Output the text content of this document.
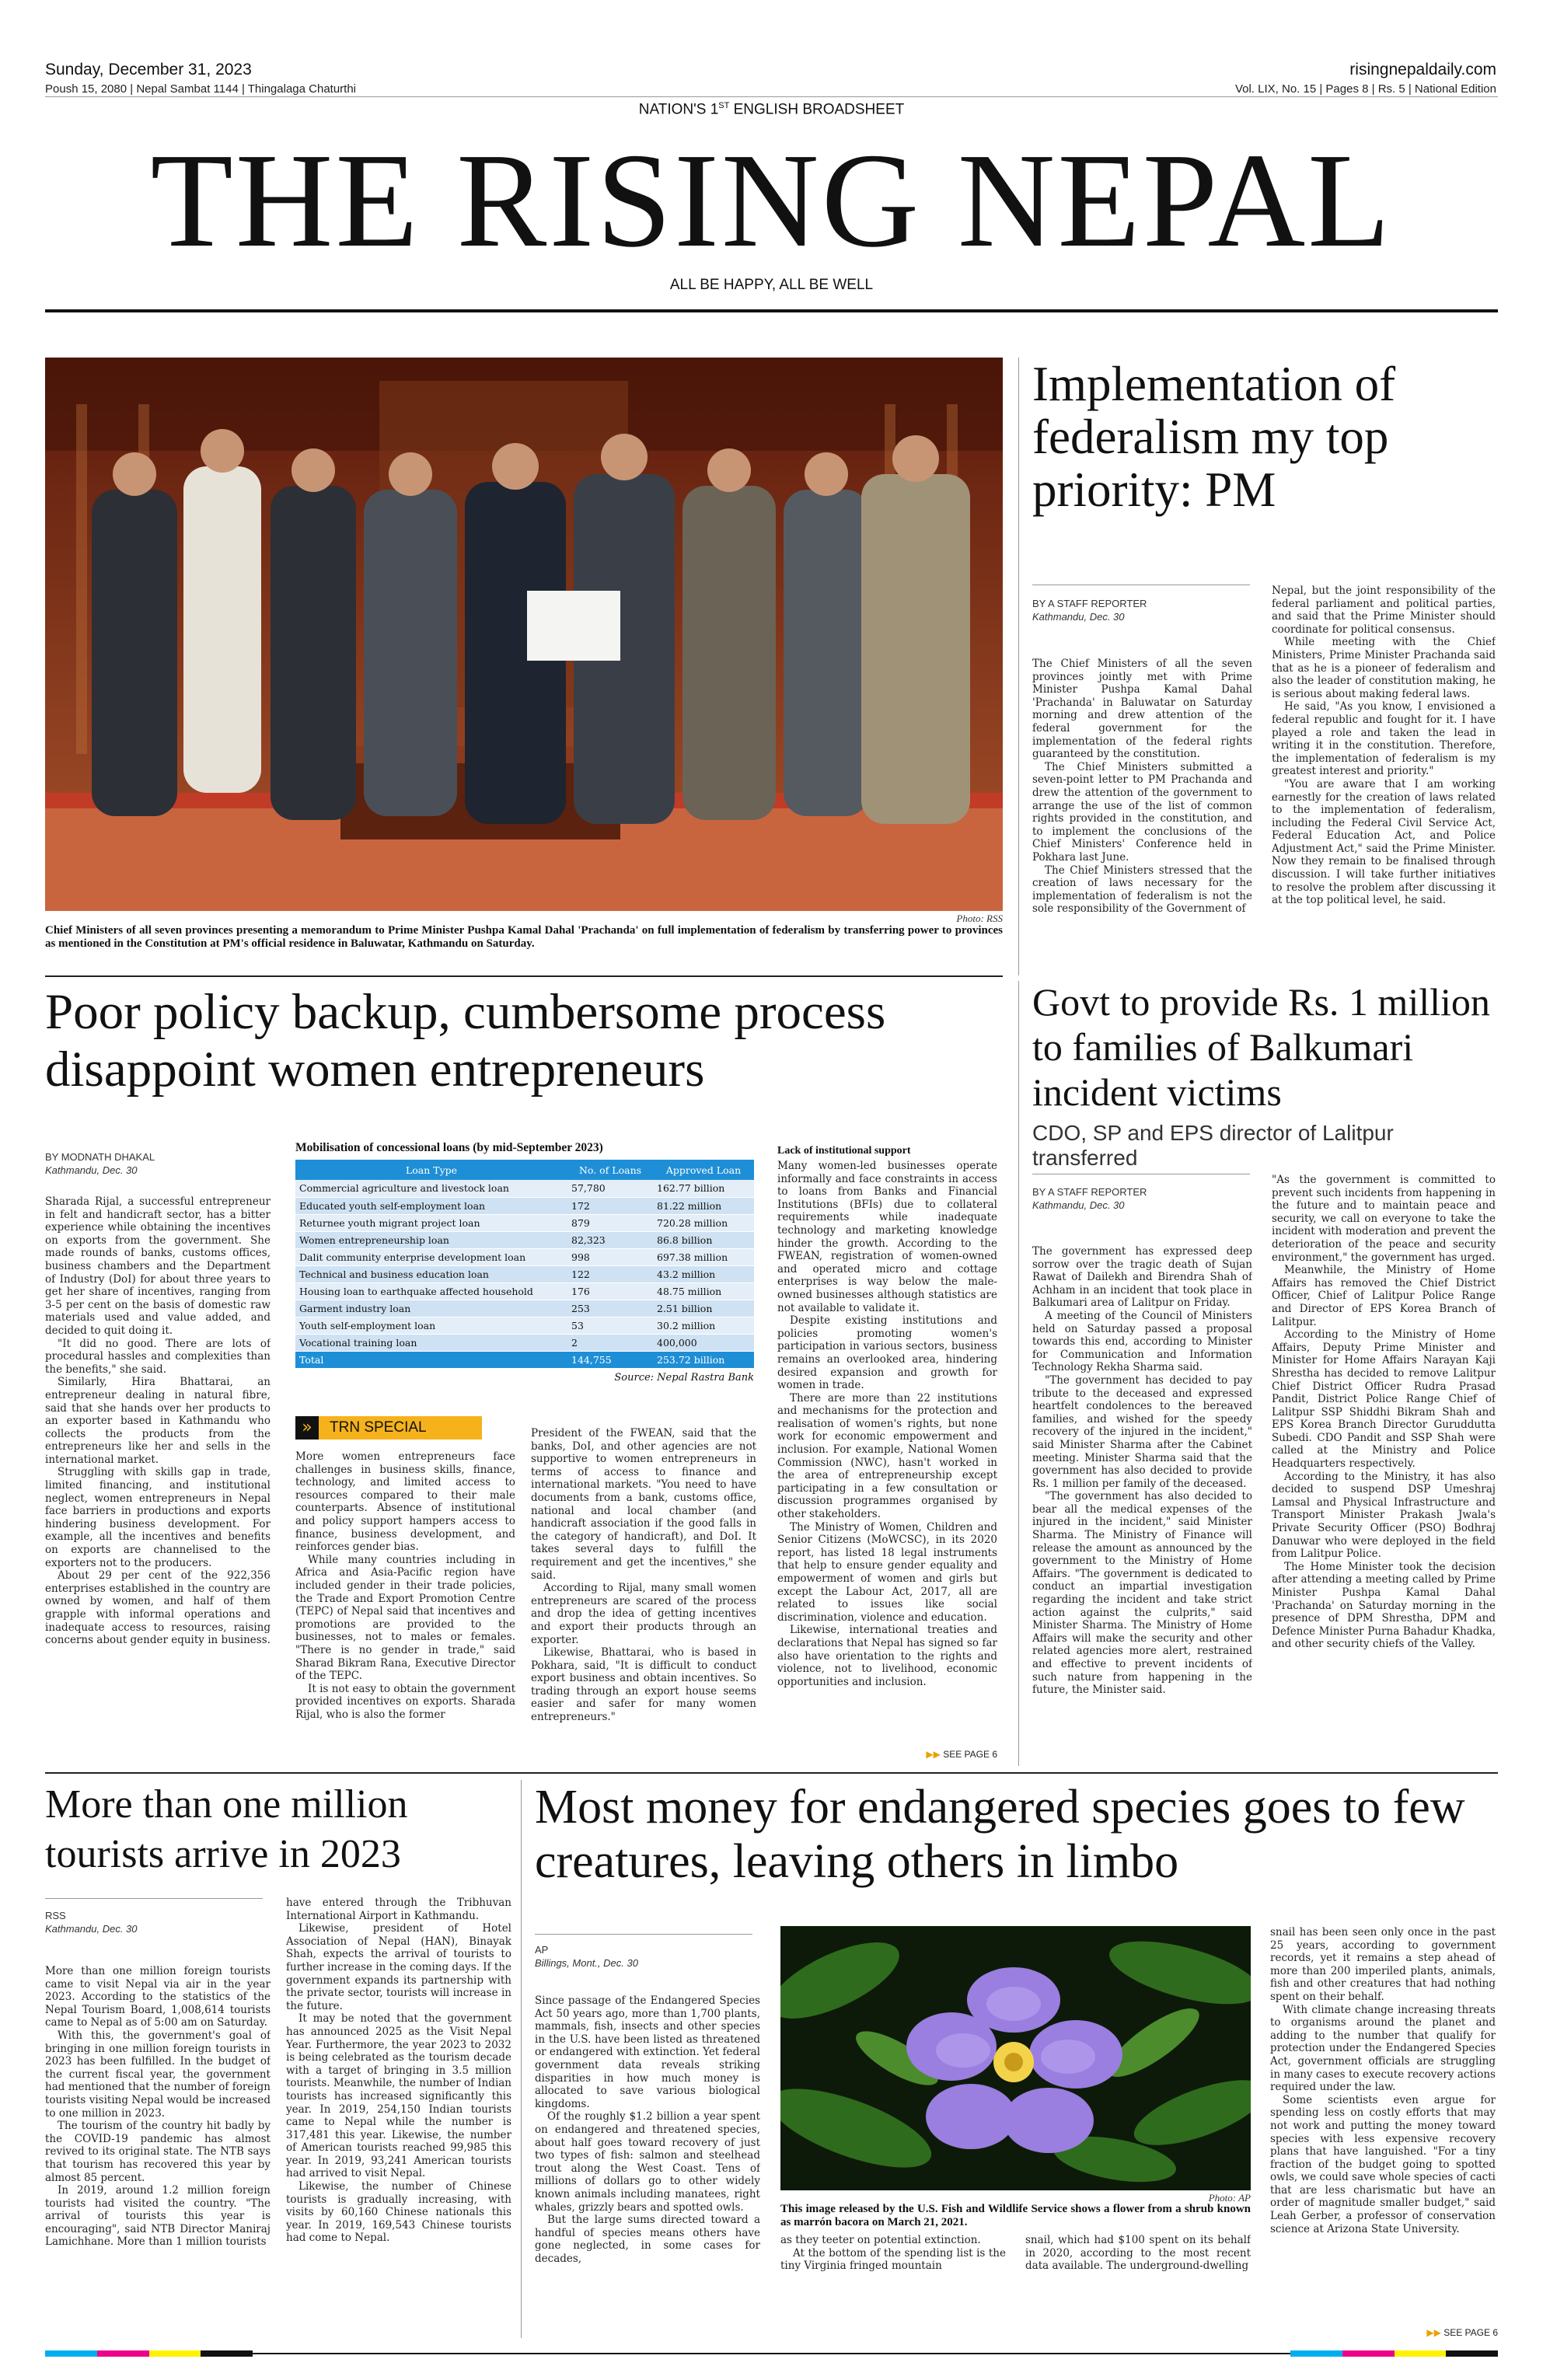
Sunday, December 31, 2023
Poush 15, 2080 | Nepal Sambat 1144 | Thingalaga Chaturthi
risingnepaldaily.com
Vol. LIX, No. 15 | Pages 8 | Rs. 5 | National Edition
NATION'S 1ST ENGLISH BROADSHEET
THE RISING NEPAL
ALL BE HAPPY, ALL BE WELL
Photo: RSS
Chief Ministers of all seven provinces presenting a memorandum to Prime Minister Pushpa Kamal Dahal 'Prachanda' on full implementation of federalism by transferring power to provinces as mentioned in the Constitution at PM's official residence in Baluwatar, Kathmandu on Saturday.
Implementation of federalism my top priority: PM
BY A STAFF REPORTER
Kathmandu, Dec. 30

The Chief Ministers of all the seven provinces jointly met with Prime Minister Pushpa Kamal Dahal 'Prachanda' in Baluwatar on Saturday morning and drew attention of the federal government for the implementation of the federal rights guaranteed by the constitution.

The Chief Ministers submitted a seven-point letter to PM Prachanda and drew the attention of the government to arrange the use of the list of common rights provided in the constitution, and to implement the conclusions of the Chief Ministers' Conference held in Pokhara last June.

The Chief Ministers stressed that the creation of laws necessary for the implementation of federalism is not the sole responsibility of the Government of

Nepal, but the joint responsibility of the federal parliament and political parties, and said that the Prime Minister should coordinate for political consensus.

While meeting with the Chief Ministers, Prime Minister Prachanda said that as he is a pioneer of federalism and also the leader of constitution making, he is serious about making federal laws.

He said, "As you know, I envisioned a federal republic and fought for it. I have played a role and taken the lead in writing it in the constitution. Therefore, the implementation of federalism is my greatest interest and priority."

"You are aware that I am working earnestly for the creation of laws related to the implementation of federalism, including the Federal Civil Service Act, Federal Education Act, and Police Adjustment Act," said the Prime Minister. Now they remain to be finalised through discussion. I will take further initiatives to resolve the problem after discussing it at the top political level, he said.

Poor policy backup, cumbersome process disappoint women entrepreneurs
BY MODNATH DHAKAL
Kathmandu, Dec. 30

Sharada Rijal, a successful entrepreneur in felt and handicraft sector, has a bitter experience while obtaining the incentives on exports from the government. She made rounds of banks, customs offices, business chambers and the Department of Industry (DoI) for about three years to get her share of incentives, ranging from 3-5 per cent on the basis of domestic raw materials used and value added, and decided to quit doing it.

"It did no good. There are lots of procedural hassles and complexities than the benefits," she said.

Similarly, Hira Bhattarai, an entrepreneur dealing in natural fibre, said that she hands over her products to an exporter based in Kathmandu who collects the products from the entrepreneurs like her and sells in the international market.

Struggling with skills gap in trade, limited financing, and institutional neglect, women entrepreneurs in Nepal face barriers in productions and exports hindering business development. For example, all the incentives and benefits on exports are channelised to the exporters not to the producers.

About 29 per cent of the 922,356 enterprises established in the country are owned by women, and half of them grapple with informal operations and inadequate access to resources, raising concerns about gender equity in business.

Mobilisation of concessional loans (by mid-September 2023)
Loan Type	No. of Loans	Approved Loan
Commercial agriculture and livestock loan	57,780	162.77 billion
Educated youth self-employment loan	172	81.22 million
Returnee youth migrant project loan	879	720.28 million
Women entrepreneurship loan	82,323	86.8 billion
Dalit community enterprise development loan	998	697.38 million
Technical and business education loan	122	43.2 million
Housing loan to earthquake affected household	176	48.75 million
Garment industry loan	253	2.51 billion
Youth self-employment loan	53	30.2 million
Vocational training loan	2	400,000
Total	144,755	253.72 billion
Source: Nepal Rastra Bank
»	TRN SPECIAL

More women entrepreneurs face challenges in business skills, finance, technology, and limited access to resources compared to their male counterparts. Absence of institutional and policy support hampers access to finance, business development, and reinforces gender bias.

While many countries including in Africa and Asia-Pacific region have included gender in their trade policies, the Trade and Export Promotion Centre (TEPC) of Nepal said that incentives and promotions are provided to the businesses, not to males or females. "There is no gender in trade," said Sharad Bikram Rana, Executive Director of the TEPC.

It is not easy to obtain the government provided incentives on exports. Sharada Rijal, who is also the former

President of the FWEAN, said that the banks, DoI, and other agencies are not supportive to women entrepreneurs in terms of access to finance and international markets. "You need to have documents from a bank, customs office, national and local chamber (and handicraft association if the good falls in the category of handicraft), and DoI. It takes several days to fulfill the requirement and get the incentives," she said.

According to Rijal, many small women entrepreneurs are scared of the process and drop the idea of getting incentives and export their products through an exporter.

Likewise, Bhattarai, who is based in Pokhara, said, "It is difficult to conduct export business and obtain incentives. So trading through an export house seems easier and safer for many women entrepreneurs."

Lack of institutional support

Many women-led businesses operate informally and face constraints in access to loans from Banks and Financial Institutions (BFIs) due to collateral requirements while inadequate technology and marketing knowledge hinder the growth. According to the FWEAN, registration of women-owned and operated micro and cottage enterprises is way below the male-owned businesses although statistics are not available to validate it.

Despite existing institutions and policies promoting women's participation in various sectors, business remains an overlooked area, hindering desired expansion and growth for women in trade.

There are more than 22 institutions and mechanisms for the protection and realisation of women's rights, but none work for economic empowerment and inclusion. For example, National Women Commission (NWC), hasn't worked in the area of entrepreneurship except participating in a few consultation or discussion programmes organised by other stakeholders.

The Ministry of Women, Children and Senior Citizens (MoWCSC), in its 2020 report, has listed 18 legal instruments that help to ensure gender equality and empowerment of women and girls but except the Labour Act, 2017, all are related to issues like social discrimination, violence and education.

Likewise, international treaties and declarations that Nepal has signed so far also have orientation to the rights and violence, not to livelihood, economic opportunities and inclusion.

▶▶ SEE PAGE 6
Govt to provide Rs. 1 million to families of Balkumari incident victims
CDO, SP and EPS director of Lalitpur transferred
BY A STAFF REPORTER
Kathmandu, Dec. 30

The government has expressed deep sorrow over the tragic death of Sujan Rawat of Dailekh and Birendra Shah of Achham in an incident that took place in Balkumari area of Lalitpur on Friday.

A meeting of the Council of Ministers held on Saturday passed a proposal towards this end, according to Minister for Communication and Information Technology Rekha Sharma said.

"The government has decided to pay tribute to the deceased and expressed heartfelt condolences to the bereaved families, and wished for the speedy recovery of the injured in the incident," said Minister Sharma after the Cabinet meeting. Minister Sharma said that the government has also decided to provide Rs. 1 million per family of the deceased.

"The government has also decided to bear all the medical expenses of the injured in the incident," said Minister Sharma. The Ministry of Finance will release the amount as announced by the government to the Ministry of Home Affairs. "The government is dedicated to conduct an impartial investigation regarding the incident and take strict action against the culprits," said Minister Sharma. The Ministry of Home Affairs will make the security and other related agencies more alert, restrained and effective to prevent incidents of such nature from happening in the future, the Minister said.

"As the government is committed to prevent such incidents from happening in the future and to maintain peace and security, we call on everyone to take the incident with moderation and prevent the deterioration of the peace and security environment," the government has urged.

Meanwhile, the Ministry of Home Affairs has removed the Chief District Officer, Chief of Lalitpur Police Range and Director of EPS Korea Branch of Lalitpur.

According to the Ministry of Home Affairs, Deputy Prime Minister and Minister for Home Affairs Narayan Kaji Shrestha has decided to remove Lalitpur Chief District Officer Rudra Prasad Pandit, District Police Range Chief of Lalitpur SSP Shiddhi Bikram Shah and EPS Korea Branch Director Guruddutta Subedi. CDO Pandit and SSP Shah were called at the Ministry and Police Headquarters respectively.

According to the Ministry, it has also decided to suspend DSP Umeshraj Lamsal and Physical Infrastructure and Transport Minister Prakash Jwala's Private Security Officer (PSO) Bodhraj Danuwar who were deployed in the field from Lalitpur Police.

The Home Minister took the decision after attending a meeting called by Prime Minister Pushpa Kamal Dahal 'Prachanda' on Saturday morning in the presence of DPM Shrestha, DPM and Defence Minister Purna Bahadur Khadka, and other security chiefs of the Valley.

More than one million tourists arrive in 2023
RSS
Kathmandu, Dec. 30

More than one million foreign tourists came to visit Nepal via air in the year 2023. According to the statistics of the Nepal Tourism Board, 1,008,614 tourists came to Nepal as of 5:00 am on Saturday.

With this, the government's goal of bringing in one million foreign tourists in 2023 has been fulfilled. In the budget of the current fiscal year, the government had mentioned that the number of foreign tourists visiting Nepal would be increased to one million in 2023.

The tourism of the country hit badly by the COVID-19 pandemic has almost revived to its original state. The NTB says that tourism has recovered this year by almost 85 percent.

In 2019, around 1.2 million foreign tourists had visited the country. "The arrival of tourists this year is encouraging", said NTB Director Maniraj Lamichhane. More than 1 million tourists

have entered through the Tribhuvan International Airport in Kathmandu.

Likewise, president of Hotel Association of Nepal (HAN), Binayak Shah, expects the arrival of tourists to further increase in the coming days. If the government expands its partnership with the private sector, tourists will increase in the future.

It may be noted that the government has announced 2025 as the Visit Nepal Year. Furthermore, the year 2023 to 2032 is being celebrated as the tourism decade with a target of bringing in 3.5 million tourists. Meanwhile, the number of Indian tourists has increased significantly this year. In 2019, 254,150 Indian tourists came to Nepal while the number is 317,481 this year. Likewise, the number of American tourists reached 99,985 this year. In 2019, 93,241 American tourists had arrived to visit Nepal.

Likewise, the number of Chinese tourists is gradually increasing, with visits by 60,160 Chinese nationals this year. In 2019, 169,543 Chinese tourists had come to Nepal.

Most money for endangered species goes to few creatures, leaving others in limbo
AP
Billings, Mont., Dec. 30

Since passage of the Endangered Species Act 50 years ago, more than 1,700 plants, mammals, fish, insects and other species in the U.S. have been listed as threatened or endangered with extinction. Yet federal government data reveals striking disparities in how much money is allocated to save various biological kingdoms.

Of the roughly $1.2 billion a year spent on endangered and threatened species, about half goes toward recovery of just two types of fish: salmon and steelhead trout along the West Coast. Tens of millions of dollars go to other widely known animals including manatees, right whales, grizzly bears and spotted owls.

But the large sums directed toward a handful of species means others have gone neglected, in some cases for decades,

Photo: AP
This image released by the U.S. Fish and Wildlife Service shows a flower from a shrub known as marrón bacora on March 21, 2021.

as they teeter on potential extinction.

At the bottom of the spending list is the tiny Virginia fringed mountain

snail, which had $100 spent on its behalf in 2020, according to the most recent data available. The underground-dwelling

snail has been seen only once in the past 25 years, according to government records, yet it remains a step ahead of more than 200 imperiled plants, animals, fish and other creatures that had nothing spent on their behalf.

With climate change increasing threats to organisms around the planet and adding to the number that qualify for protection under the Endangered Species Act, government officials are struggling in many cases to execute recovery actions required under the law.

Some scientists even argue for spending less on costly efforts that may not work and putting the money toward species with less expensive recovery plans that have languished. "For a tiny fraction of the budget going to spotted owls, we could save whole species of cacti that are less charismatic but have an order of magnitude smaller budget," said Leah Gerber, a professor of conservation science at Arizona State University.

▶▶ SEE PAGE 6
